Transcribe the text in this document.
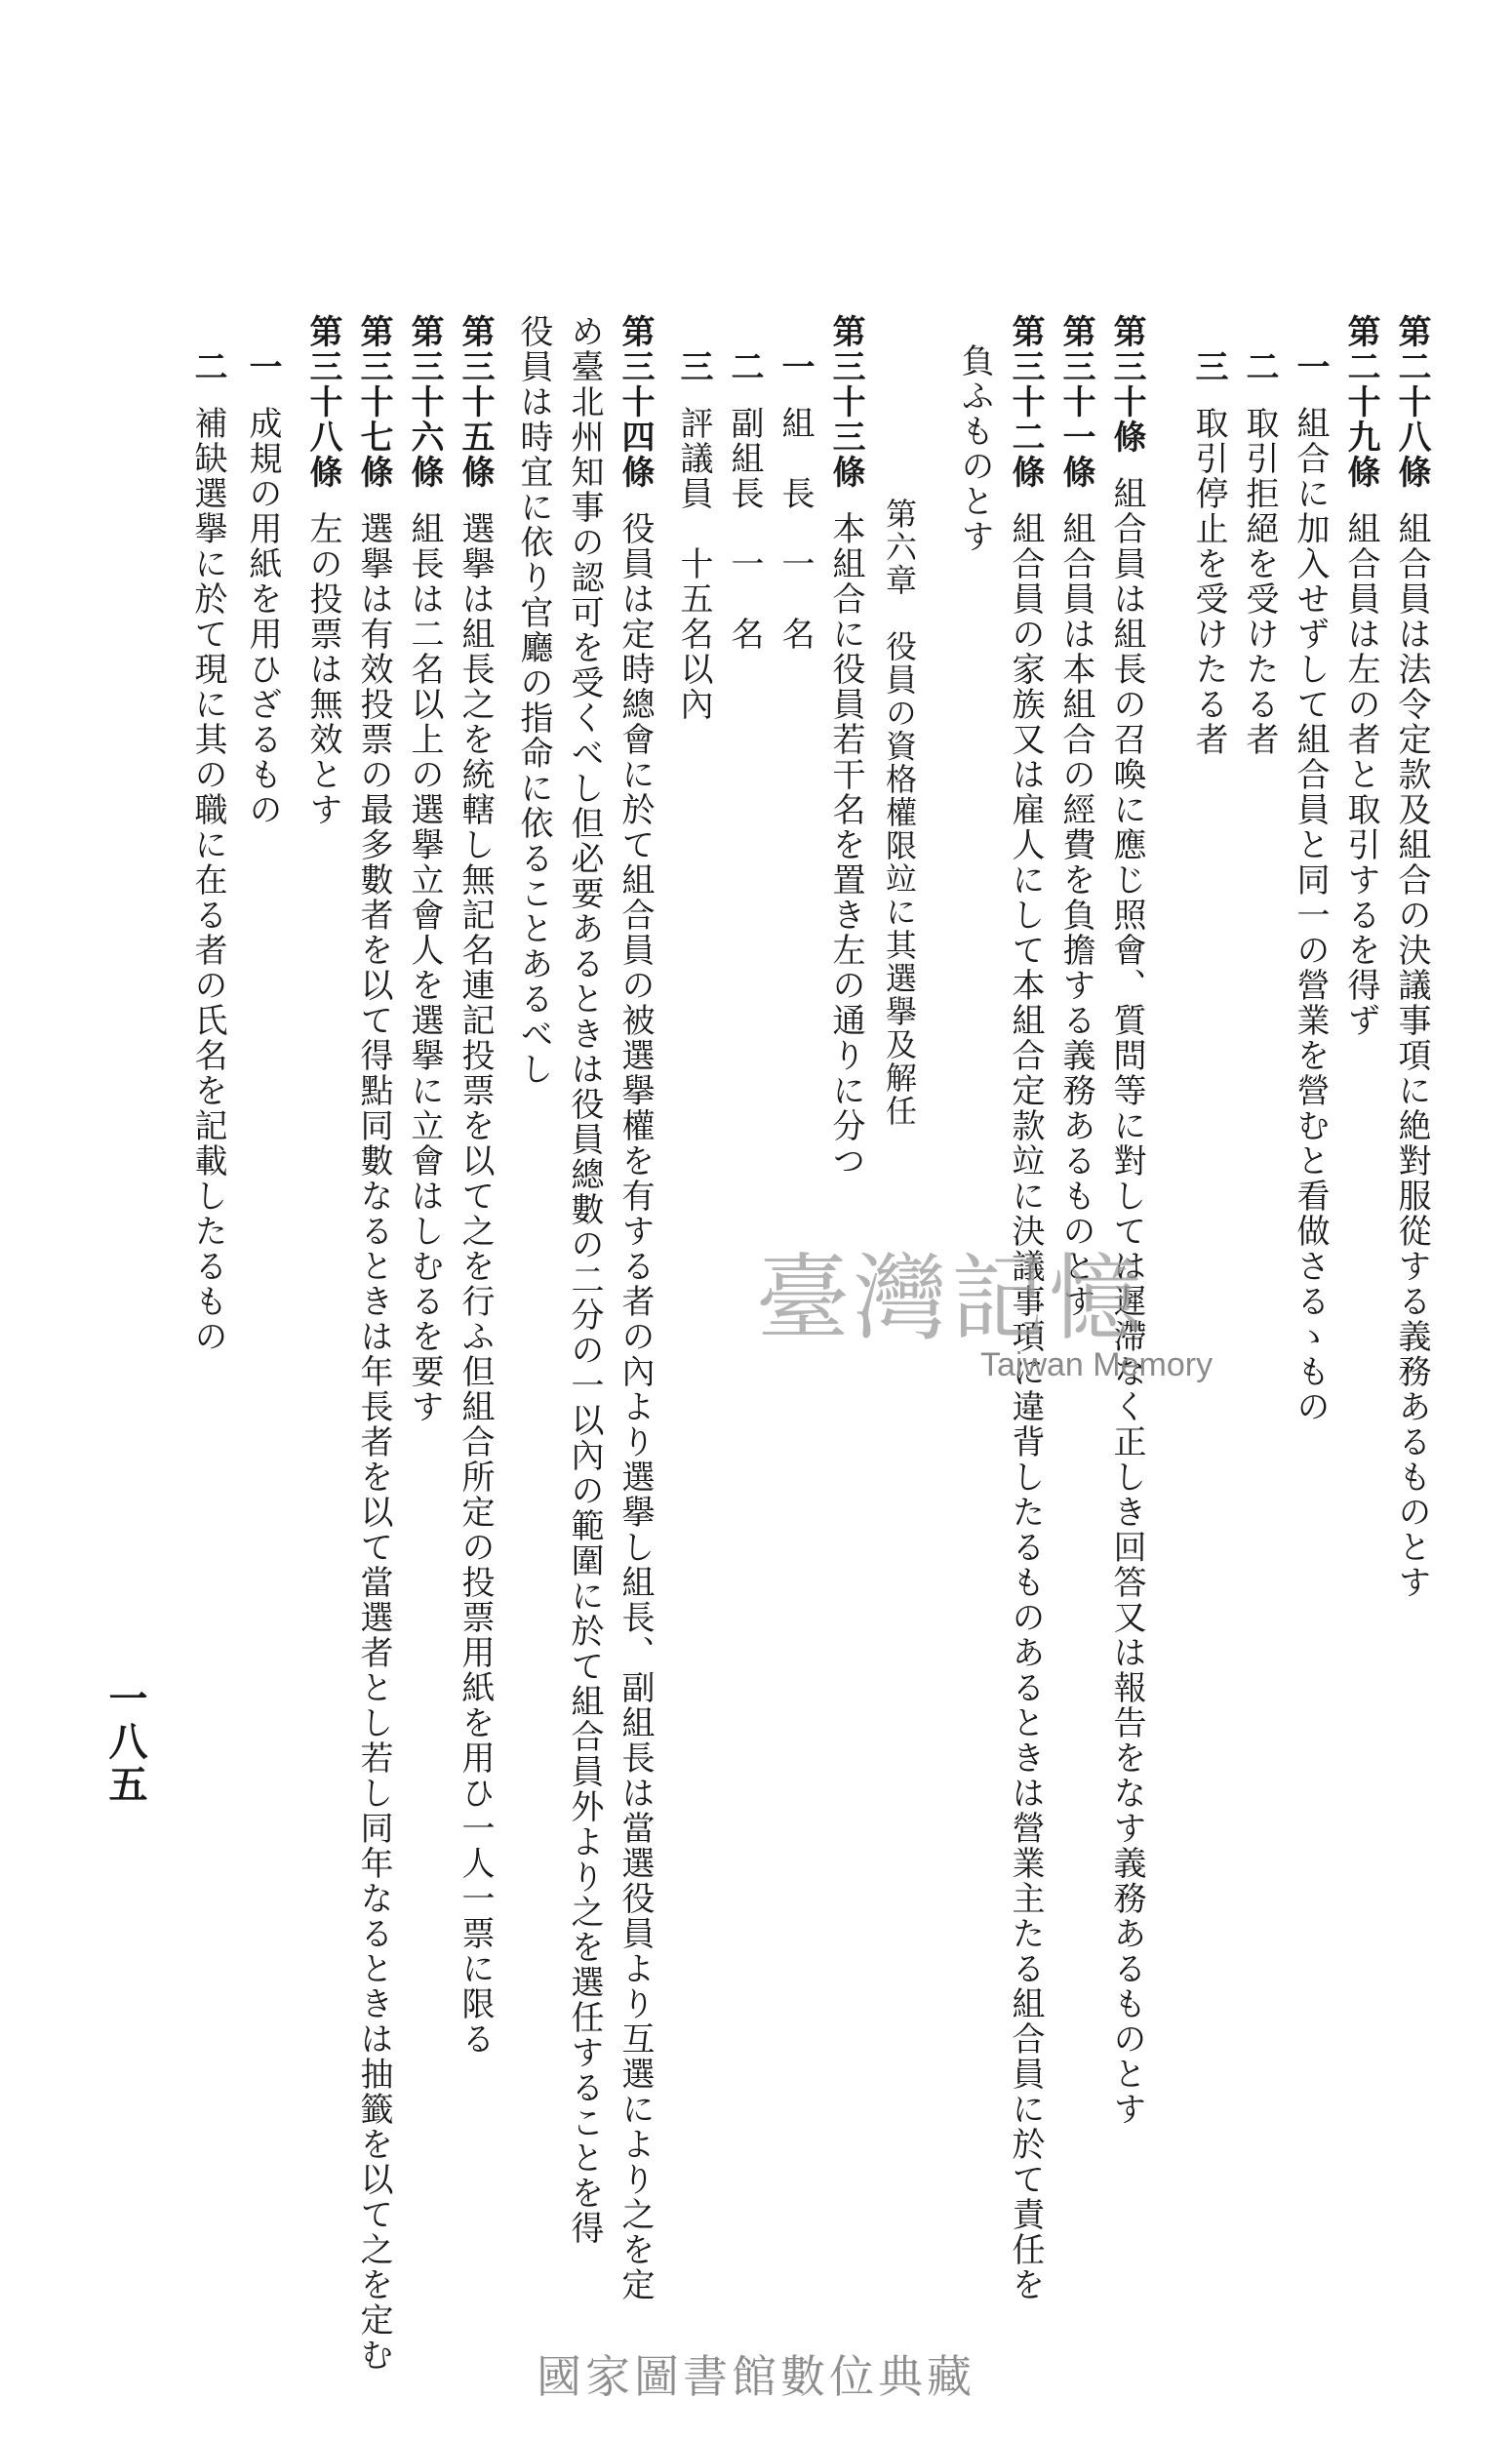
第二十八條組合員は法令定款及組合の決議事項に絶對服從する義務あるものとす
第二十九條組合員は左の者と取引するを得ず
一組合に加入せずして組合員と同一の營業を營むと看做さるゝもの
二取引拒絕を受けたる者
三取引停止を受けたる者
第三十條組合員は組長の召喚に應じ照會、質問等に對しては遲滯なく正しき回答又は報告をなす義務あるものとす
第三十一條組合員は本組合の經費を負擔する義務あるものとす
第三十二條組合員の家族又は雇人にして本組合定款竝に決議事項に違背したるものあるときは營業主たる組合員に於て責任を
負ふものとす
第六章　役員の資格權限竝に其選擧及解任
第三十三條本組合に役員若干名を置き左の通りに分つ
一組　長　一　名
二副組長　一　名
三評議員　十五名以內
第三十四條役員は定時總會に於て組合員の被選擧權を有する者の內より選擧し組長、副組長は當選役員より互選により之を定
め臺北州知事の認可を受くべし但必要あるときは役員總數の二分の一以內の範圍に於て組合員外より之を選任することを得
役員は時宜に依り官廳の指命に依ることあるべし
第三十五條選擧は組長之を統轄し無記名連記投票を以て之を行ふ但組合所定の投票用紙を用ひ一人一票に限る
第三十六條組長は二名以上の選擧立會人を選擧に立會はしむるを要す
第三十七條選擧は有效投票の最多數者を以て得點同數なるときは年長者を以て當選者とし若し同年なるときは抽籤を以て之を定む
第三十八條左の投票は無效とす
一成規の用紙を用ひざるもの
二補缺選擧に於て現に其の職に在る者の氏名を記載したるもの
一八五
臺灣記憶
Taiwan Memory
國家圖書館數位典藏
